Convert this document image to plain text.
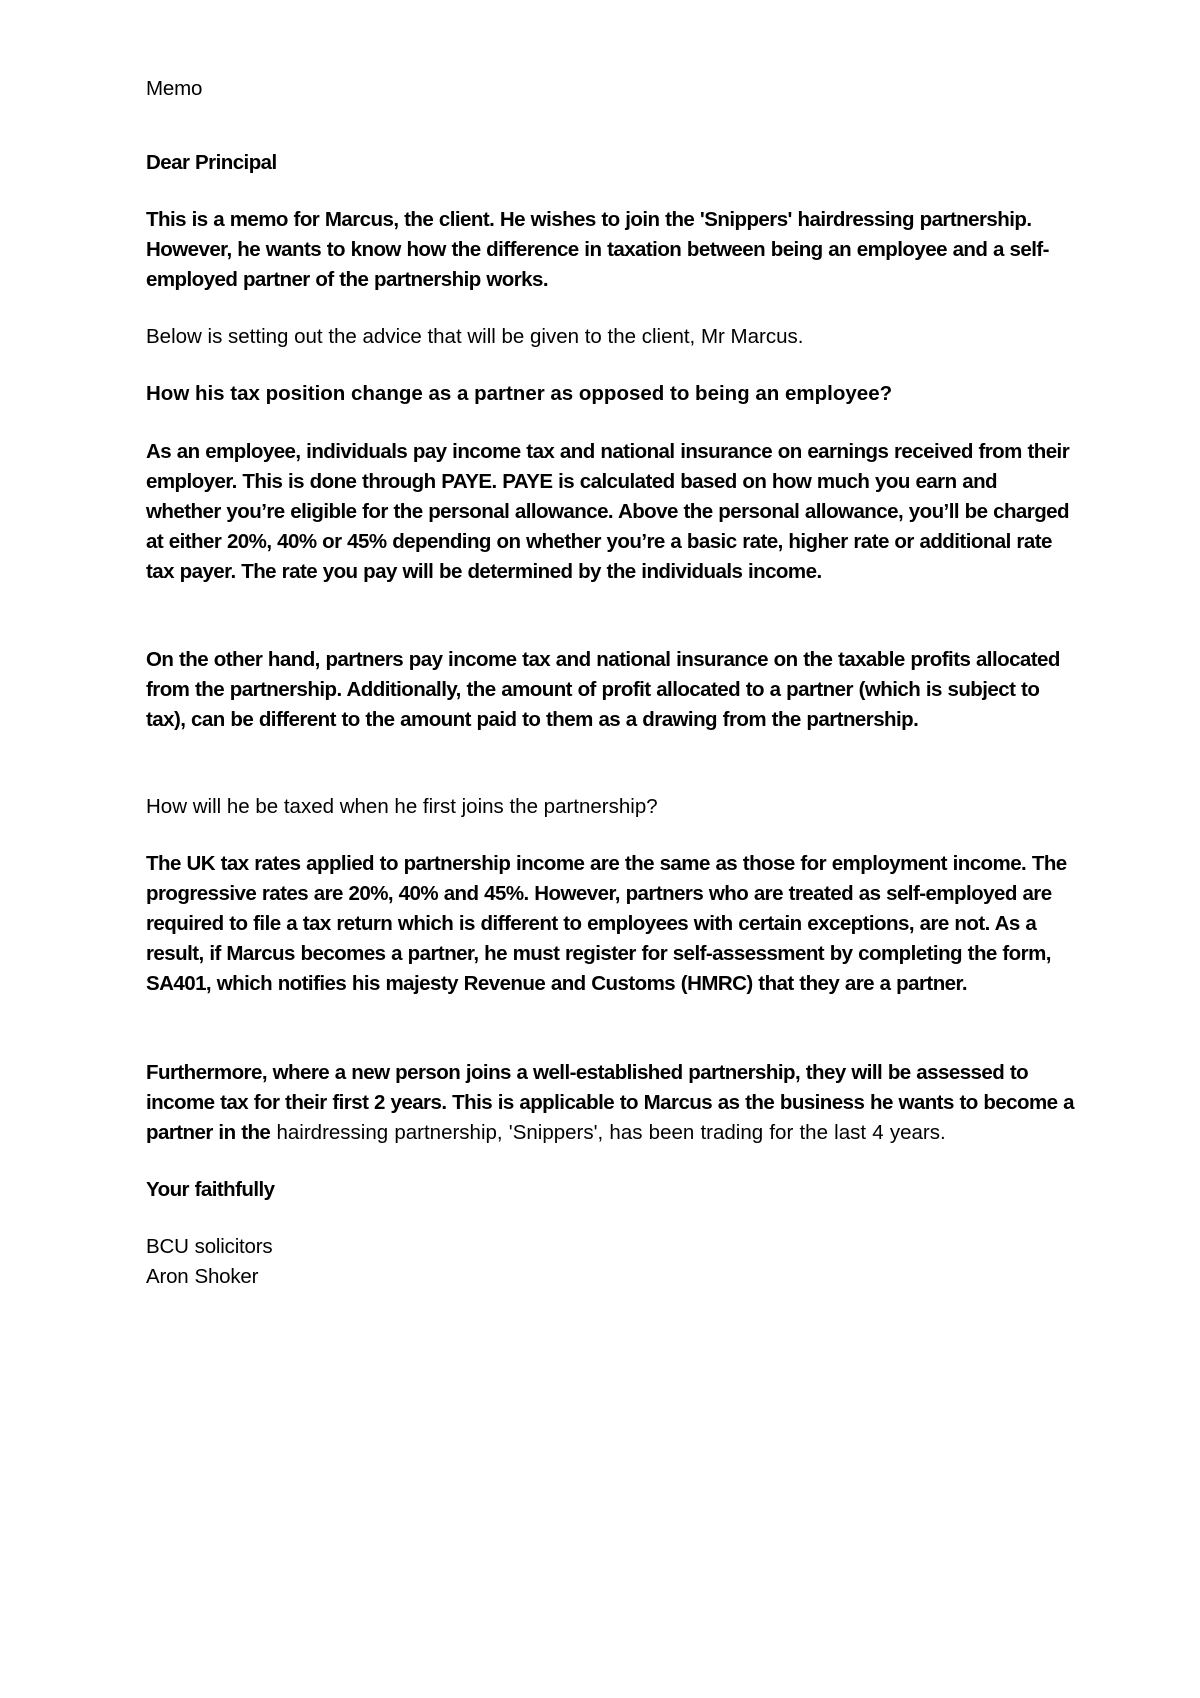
Memo

Dear Principal

This is a memo for Marcus, the client. He wishes to join the 'Snippers' hairdressing partnership. However, he wants to know how the difference in taxation between being an employee and a self-employed partner of the partnership works.

Below is setting out the advice that will be given to the client, Mr Marcus.

How his tax position change as a partner as opposed to being an employee?

As an employee, individuals pay income tax and national insurance on earnings received from their employer. This is done through PAYE. PAYE is calculated based on how much you earn and whether you’re eligible for the personal allowance. Above the personal allowance, you’ll be charged at either 20%, 40% or 45% depending on whether you’re a basic rate, higher rate or additional rate tax payer. The rate you pay will be determined by the individuals income.

On the other hand, partners pay income tax and national insurance on the taxable profits allocated from the partnership. Additionally, the amount of profit allocated to a partner (which is subject to tax), can be different to the amount paid to them as a drawing from the partnership.

How will he be taxed when he first joins the partnership?

The UK tax rates applied to partnership income are the same as those for employment income. The progressive rates are 20%, 40% and 45%. However, partners who are treated as self-employed are required to file a tax return which is different to employees with certain exceptions, are not. As a result, if Marcus becomes a partner, he must register for self-assessment by completing the form, SA401, which notifies his majesty Revenue and Customs (HMRC) that they are a partner.

Furthermore, where a new person joins a well-established partnership, they will be assessed to income tax for their first 2 years. This is applicable to Marcus as the business he wants to become a partner in the hairdressing partnership, 'Snippers', has been trading for the last 4 years.

Your faithfully

BCU solicitors

Aron Shoker
